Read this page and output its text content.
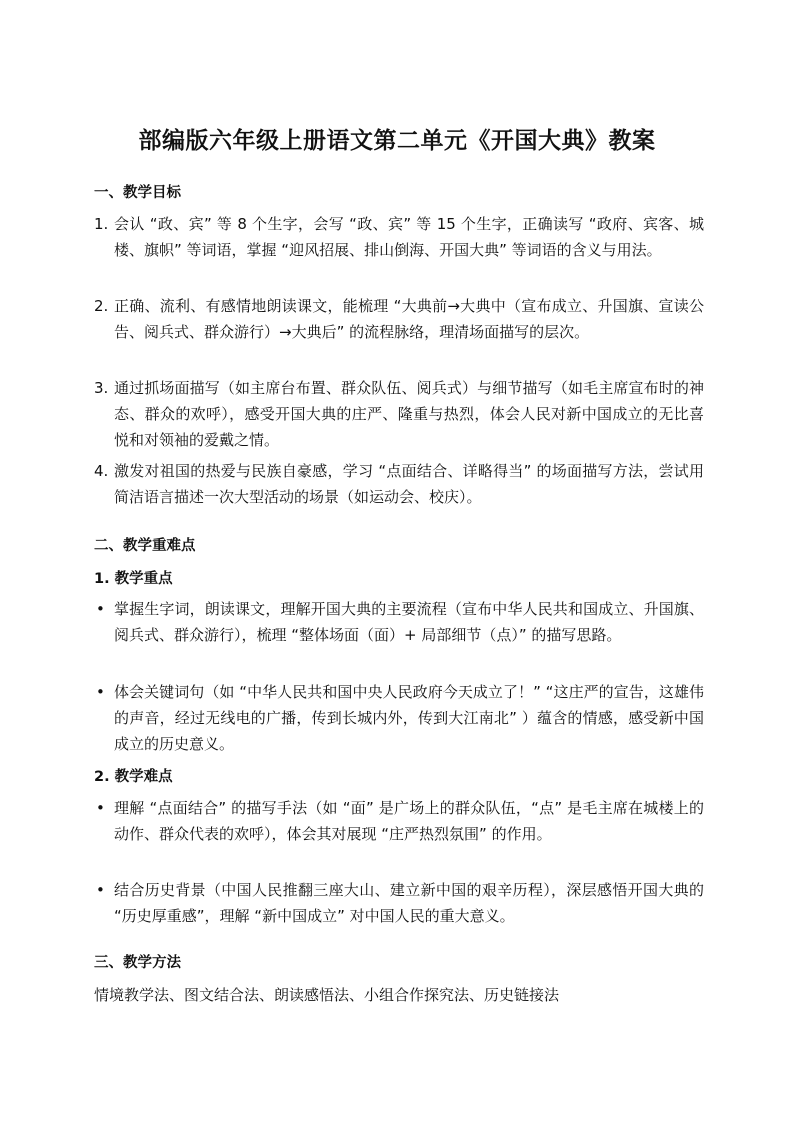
部编版六年级上册语文第二单元《开国大典》教案
一、教学目标
1. 会认 “政、宾” 等 8 个生字，会写 “政、宾” 等 15 个生字，正确读写 “政府、宾客、城楼、旗帜” 等词语，掌握 “迎风招展、排山倒海、开国大典” 等词语的含义与用法。
2. 正确、流利、有感情地朗读课文，能梳理 “大典前→大典中（宣布成立、升国旗、宣读公告、阅兵式、群众游行）→大典后” 的流程脉络，理清场面描写的层次。
3. 通过抓场面描写（如主席台布置、群众队伍、阅兵式）与细节描写（如毛主席宣布时的神态、群众的欢呼），感受开国大典的庄严、隆重与热烈，体会人民对新中国成立的无比喜悦和对领袖的爱戴之情。
4. 激发对祖国的热爱与民族自豪感，学习 “点面结合、详略得当” 的场面描写方法，尝试用简洁语言描述一次大型活动的场景（如运动会、校庆）。
二、教学重难点
1. 教学重点
• 掌握生字词，朗读课文，理解开国大典的主要流程（宣布中华人民共和国成立、升国旗、阅兵式、群众游行），梳理 “整体场面（面）+ 局部细节（点）” 的描写思路。
• 体会关键词句（如 “中华人民共和国中央人民政府今天成立了！” “这庄严的宣告，这雄伟的声音，经过无线电的广播，传到长城内外，传到大江南北” ）蕴含的情感，感受新中国成立的历史意义。
2. 教学难点
• 理解 “点面结合” 的描写手法（如 “面” 是广场上的群众队伍，“点” 是毛主席在城楼上的动作、群众代表的欢呼），体会其对展现 “庄严热烈氛围” 的作用。
• 结合历史背景（中国人民推翻三座大山、建立新中国的艰辛历程），深层感悟开国大典的 “历史厚重感”，理解 “新中国成立” 对中国人民的重大意义。
三、教学方法
情境教学法、图文结合法、朗读感悟法、小组合作探究法、历史链接法
